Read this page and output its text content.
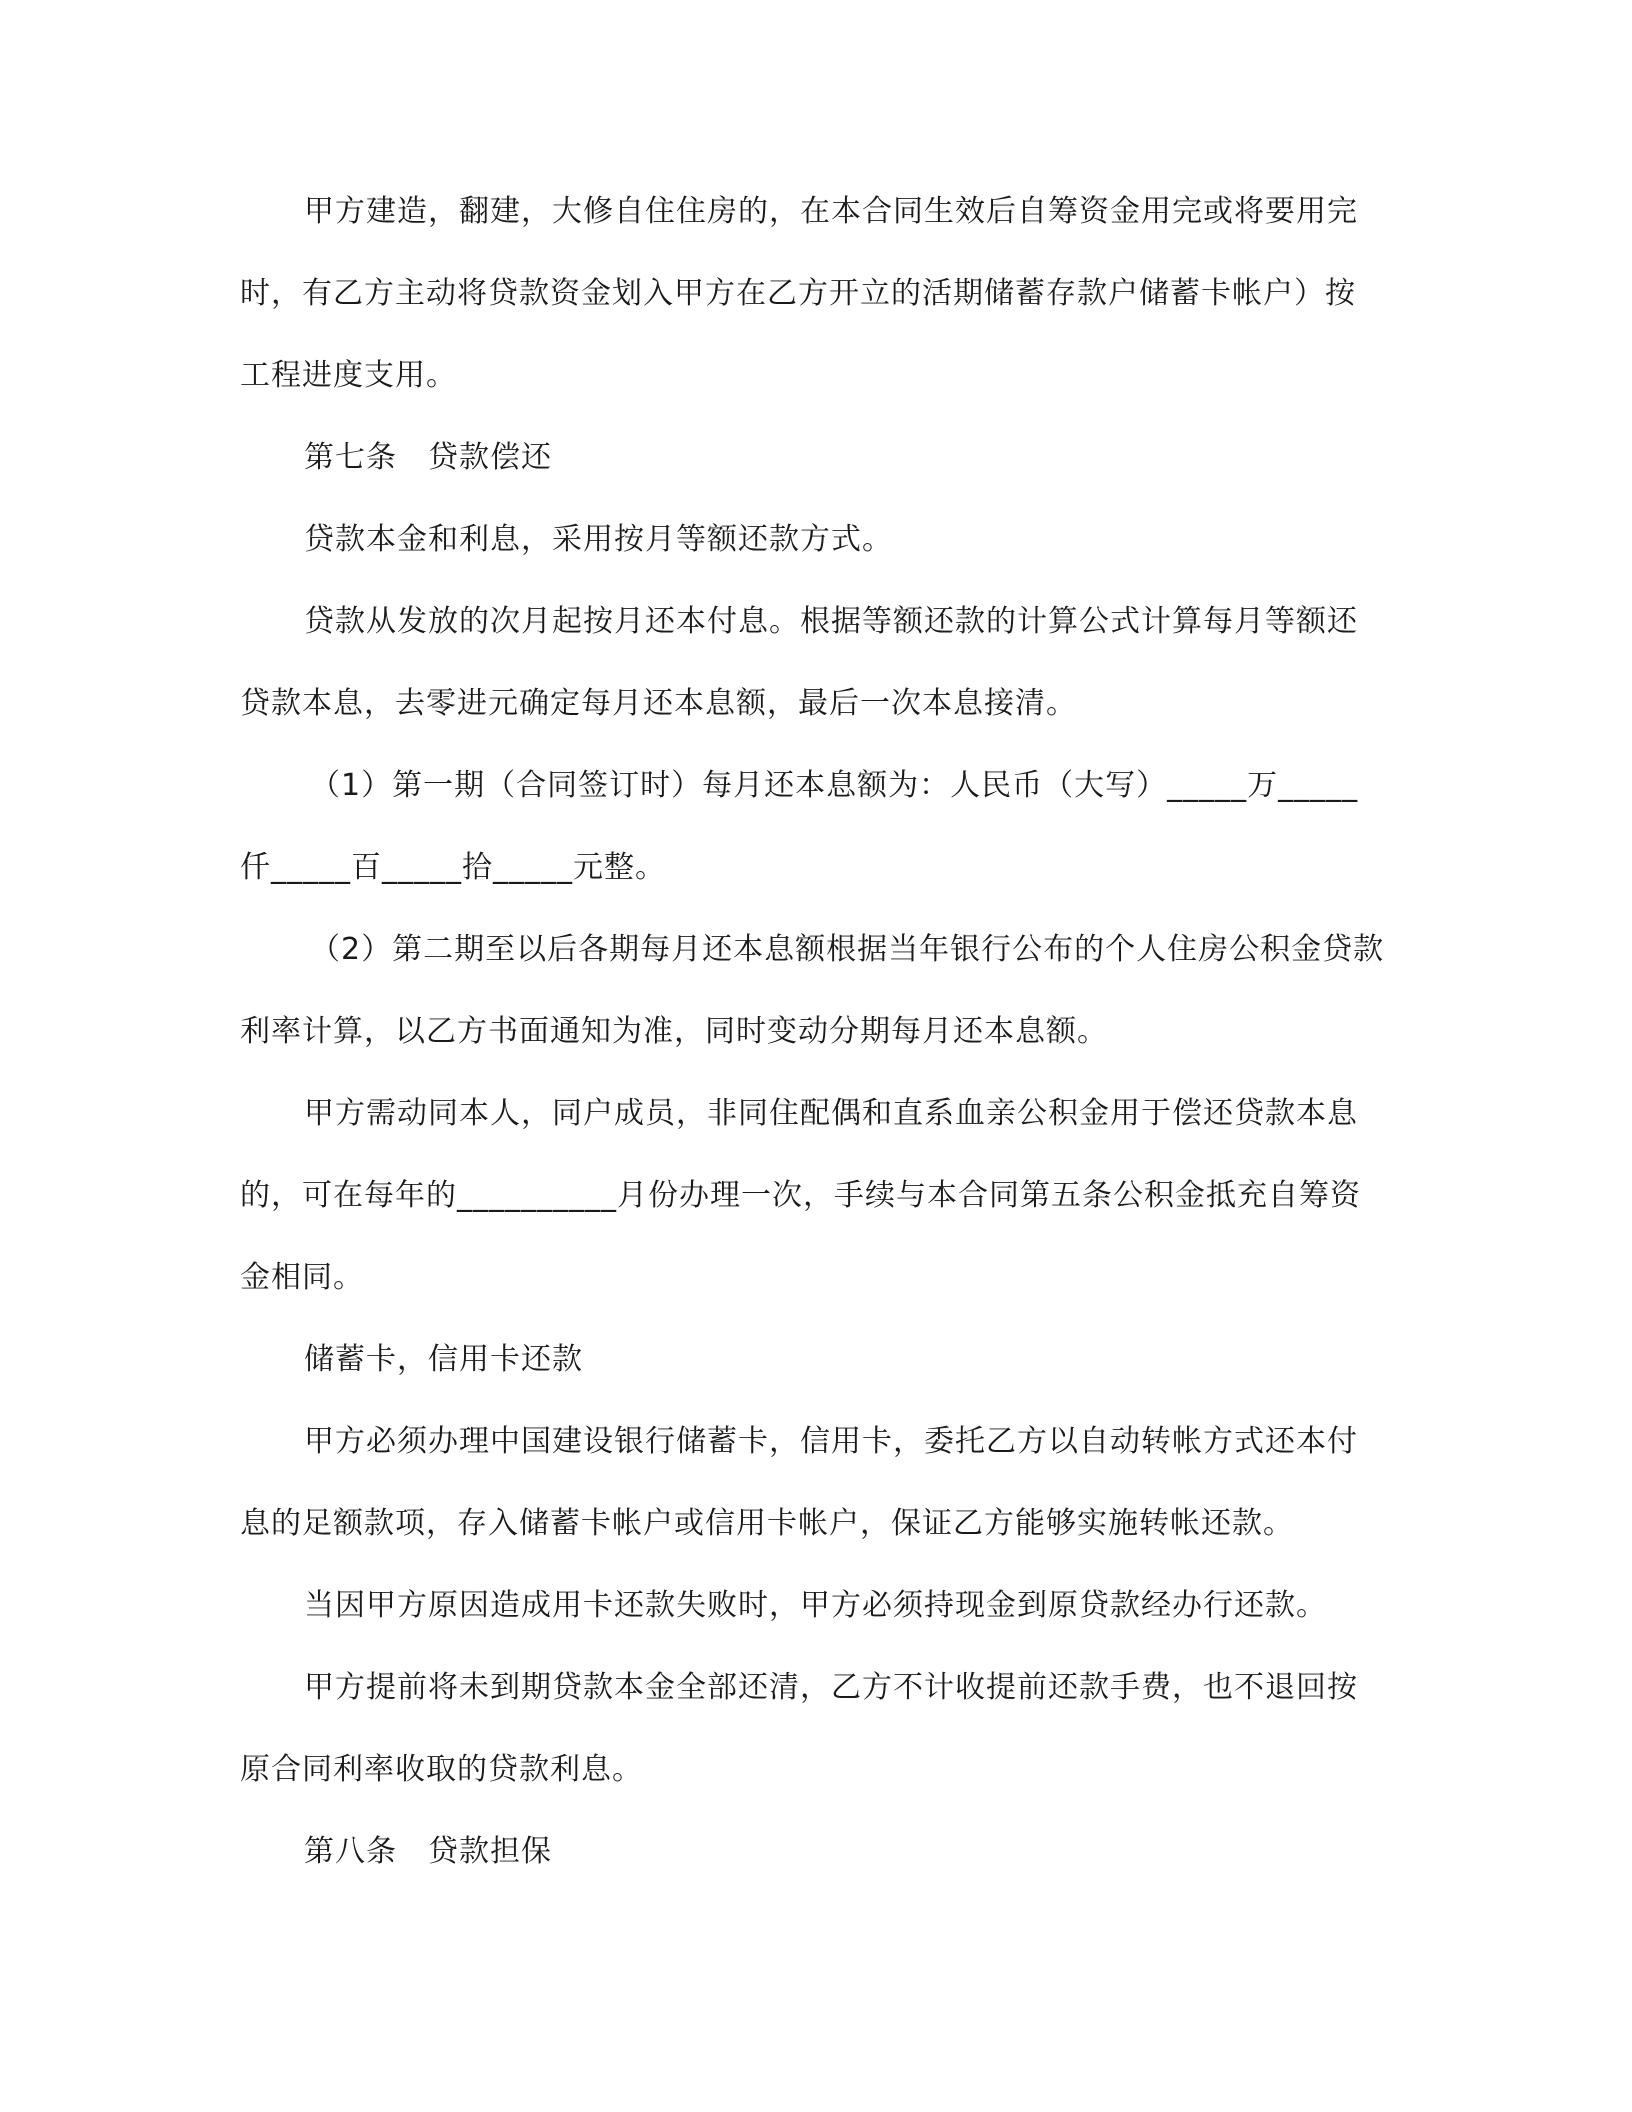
甲方建造，翻建，大修自住住房的，在本合同生效后自筹资金用完或将要用完
时，有乙方主动将贷款资金划入甲方在乙方开立的活期储蓄存款户储蓄卡帐户）按
工程进度支用。
第七条　贷款偿还
贷款本金和利息，采用按月等额还款方式。
贷款从发放的次月起按月还本付息。根据等额还款的计算公式计算每月等额还
贷款本息，去零进元确定每月还本息额，最后一次本息接清。
（1）第一期（合同签订时）每月还本息额为：人民币（大写）_____万_____
仟_____百_____拾_____元整。
（2）第二期至以后各期每月还本息额根据当年银行公布的个人住房公积金贷款
利率计算，以乙方书面通知为准，同时变动分期每月还本息额。
甲方需动同本人，同户成员，非同住配偶和直系血亲公积金用于偿还贷款本息
的，可在每年的__________月份办理一次，手续与本合同第五条公积金抵充自筹资
金相同。
储蓄卡，信用卡还款
甲方必须办理中国建设银行储蓄卡，信用卡，委托乙方以自动转帐方式还本付
息的足额款项，存入储蓄卡帐户或信用卡帐户，保证乙方能够实施转帐还款。
当因甲方原因造成用卡还款失败时，甲方必须持现金到原贷款经办行还款。
甲方提前将未到期贷款本金全部还清，乙方不计收提前还款手费，也不退回按
原合同利率收取的贷款利息。
第八条　贷款担保
